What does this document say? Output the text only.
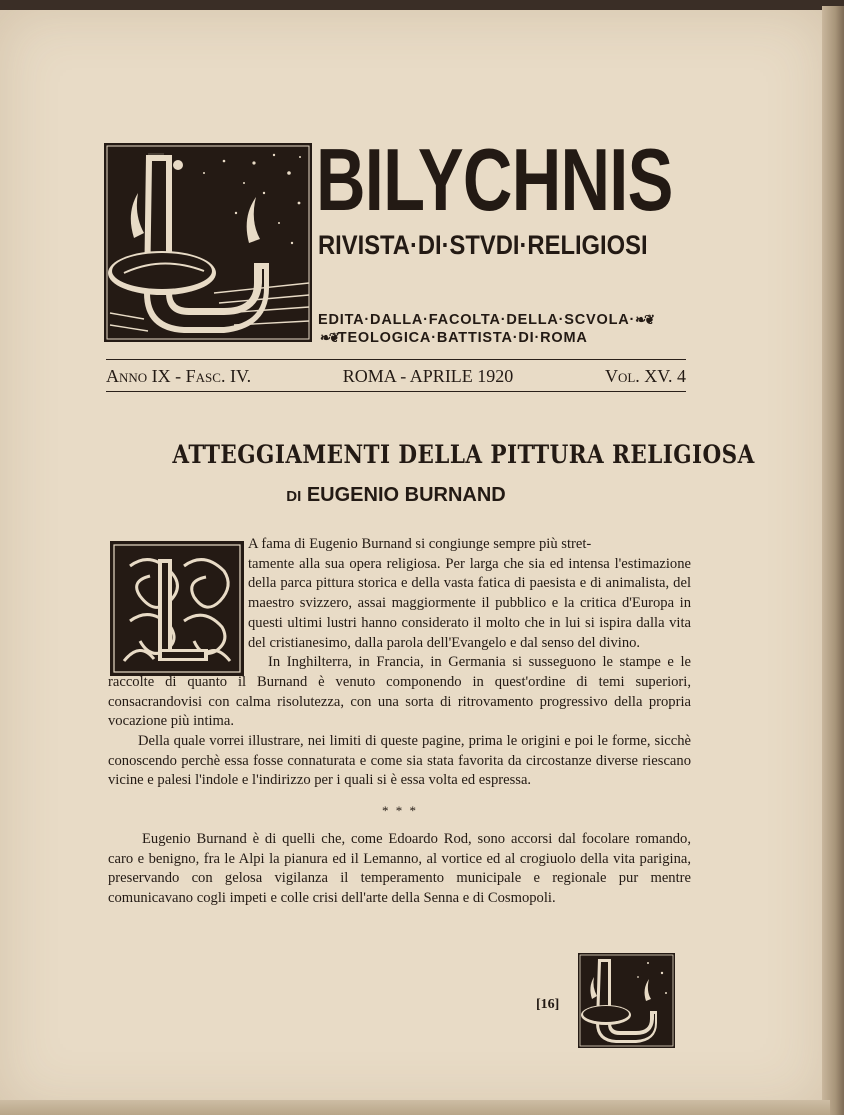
BILYCHNIS
RIVISTA·DI·STVDI·RELIGIOSI
EDITA·DALLA·FACOLTA·DELLA·SCVOLA·❧❦
❧❦TEOLOGICA·BATTISTA·DI·ROMA
Anno IX - Fasc. IV.	ROMA - APRILE 1920	Vol. XV. 4
ATTEGGIAMENTI DELLA PITTURA RELIGIOSA
DI EUGENIO BURNAND
A fama di Eugenio Burnand si congiunge sempre più stret-
tamente alla sua opera religiosa. Per larga che sia ed intensa l'estimazione della parca pittura storica e della vasta fatica di paesista e di animalista, del maestro svizzero, assai maggiormente il pubblico e la critica d'Europa in questi ultimi lustri hanno considerato il molto che in lui si ispira dalla vita del cristianesimo, dalla parola dell'Evangelo e dal senso del divino.
In Inghilterra, in Francia, in Germania si susseguono le stampe e le raccolte di quanto il Burnand è venuto componendo in quest'ordine di temi superiori, consacrandovisi con calma risolutezza, con una sorta di ritrovamento progressivo della propria vocazione più intima.
Della quale vorrei illustrare, nei limiti di queste pagine, prima le origini e poi le forme, sicchè conoscendo perchè essa fosse connaturata e come sia stata favorita da circostanze diverse riescano vicine e palesi l'indole e l'indirizzo per i quali si è essa volta ed espressa.
* * *
Eugenio Burnand è di quelli che, come Edoardo Rod, sono accorsi dal focolare romando, caro e benigno, fra le Alpi la pianura ed il Lemanno, al vortice ed al crogiuolo della vita parigina, preservando con gelosa vigilanza il temperamento municipale e regionale pur mentre comunicavano cogli impeti e colle crisi dell'arte della Senna e di Cosmopoli.
[16]
